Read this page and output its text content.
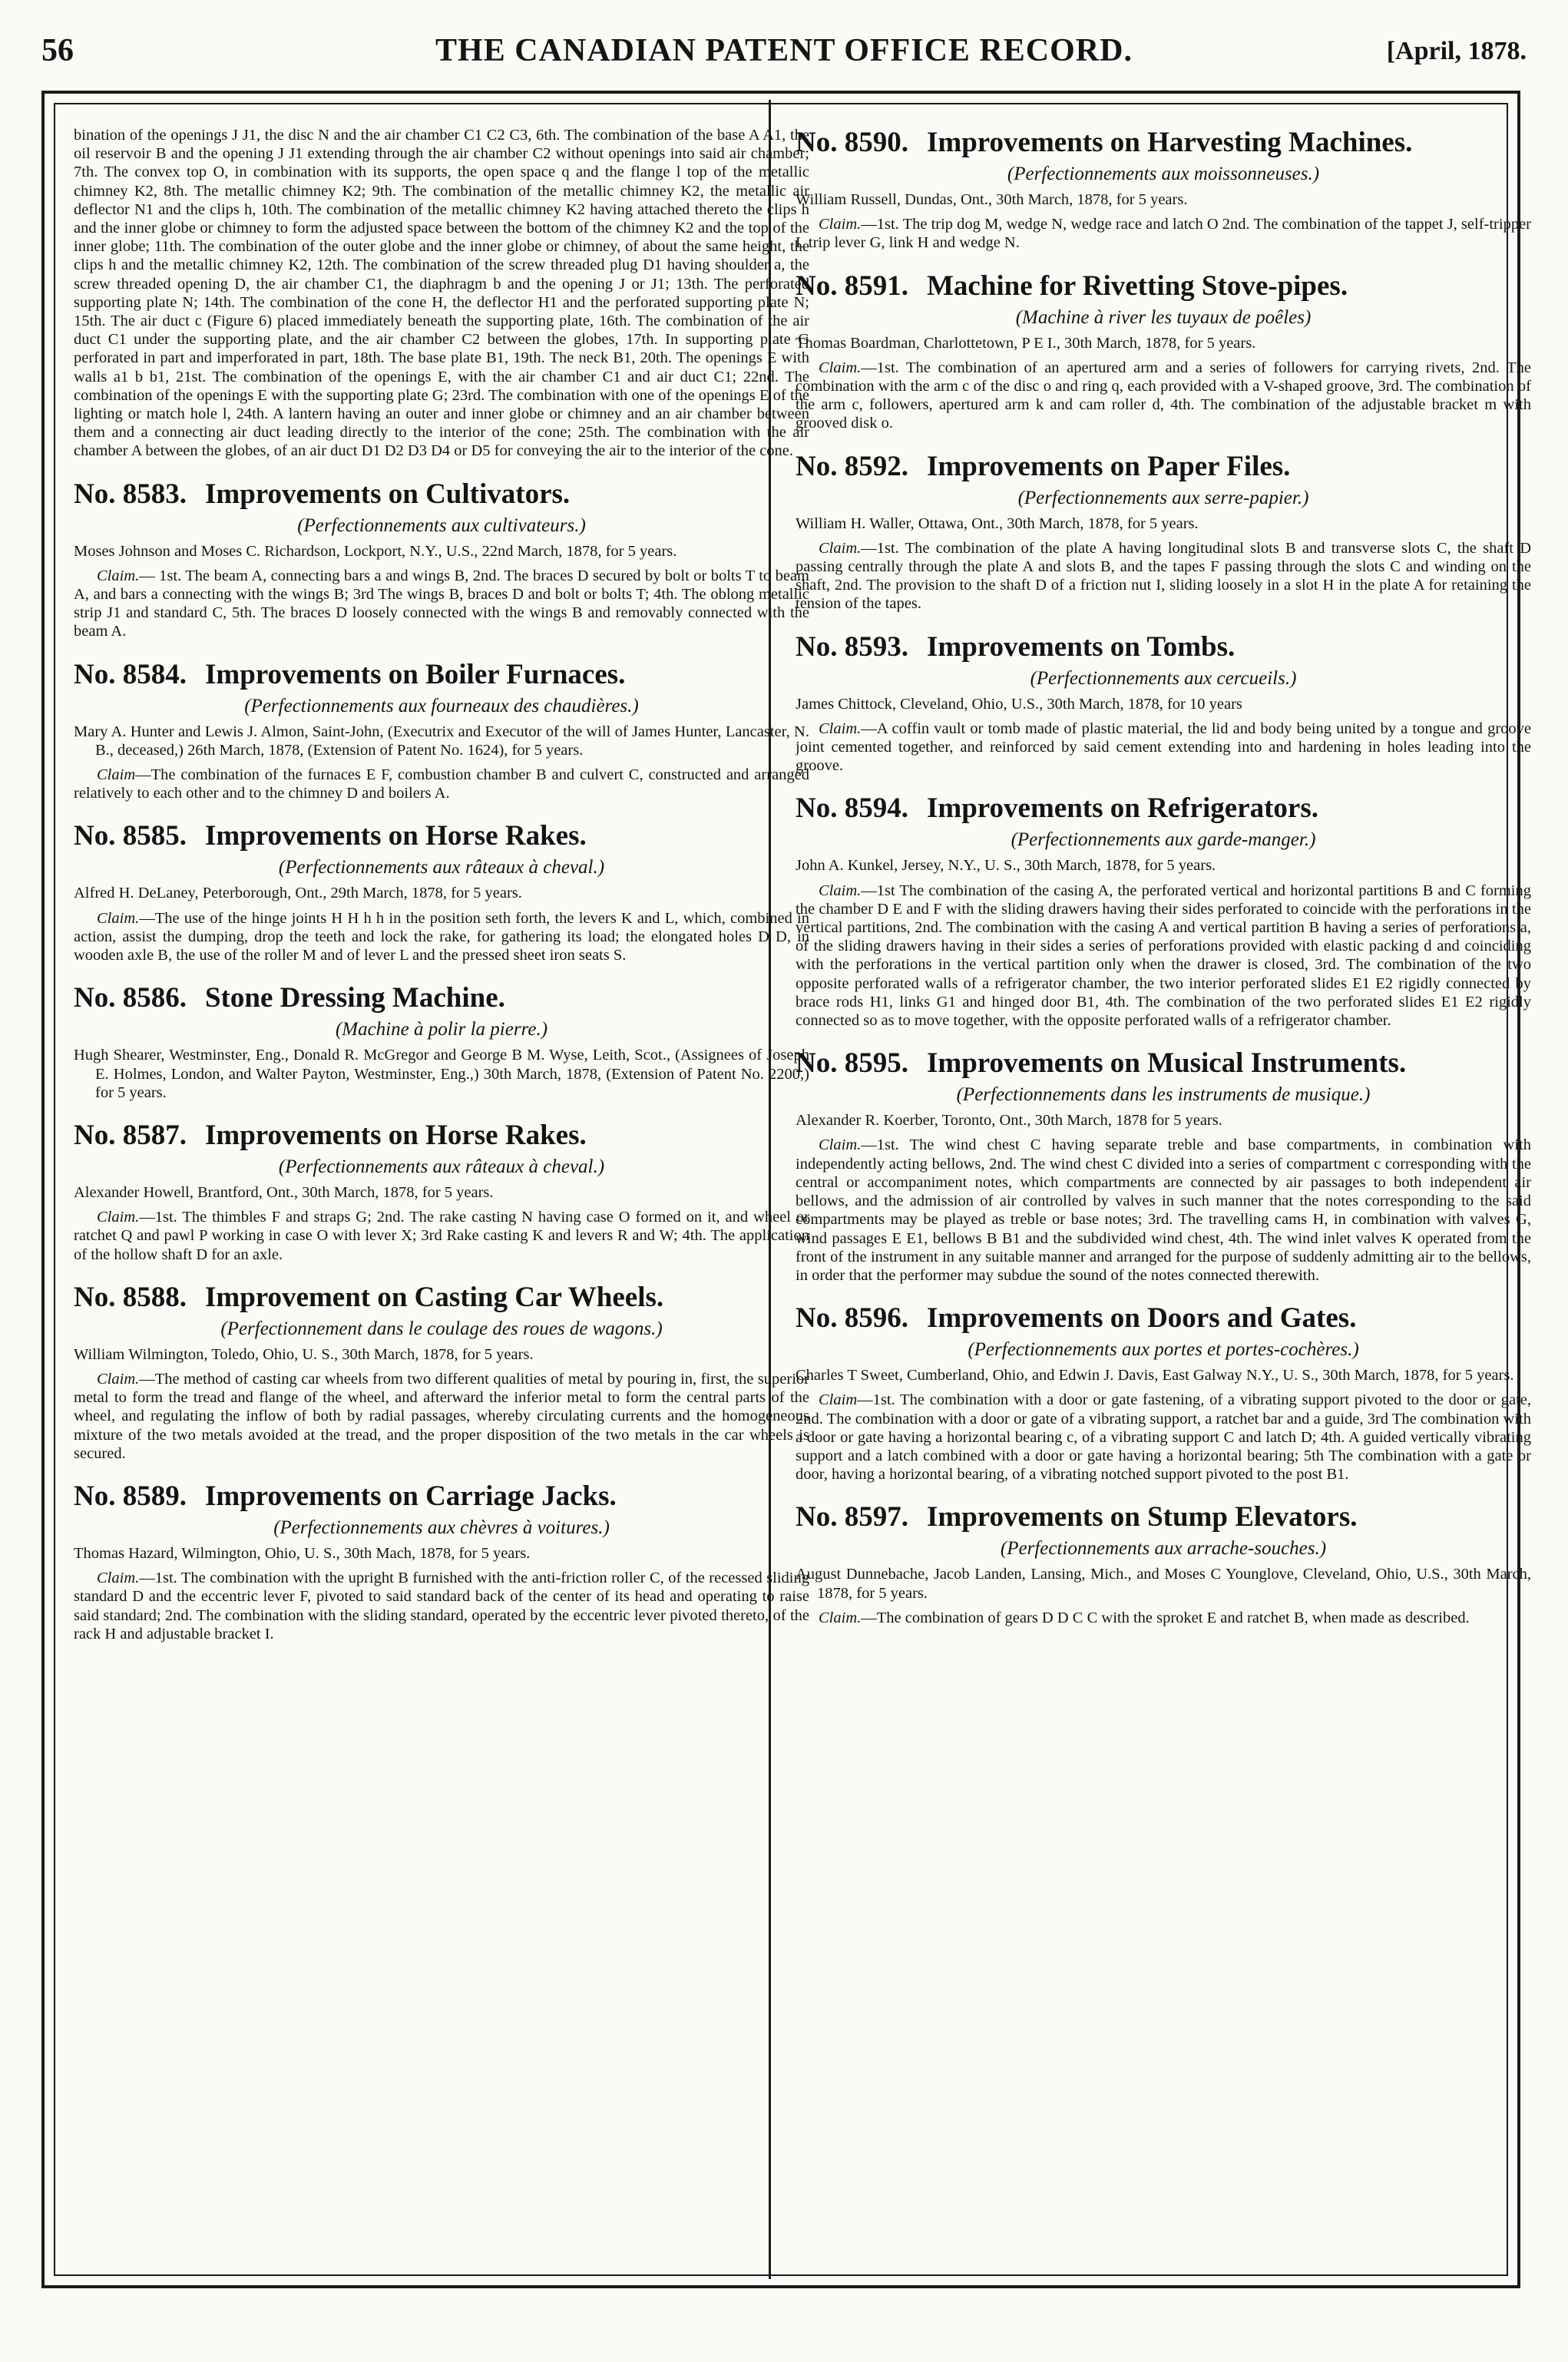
56	THE CANADIAN PATENT OFFICE RECORD.	[April, 1878.

bination of the openings J J1, the disc N and the air chamber C1 C2 C3, 6th. The combination of the base A A1, the oil reservoir B and the opening J J1 extending through the air chamber C2 without openings into said air chamber; 7th. The convex top O, in combination with its supports, the open space q and the flange l top of the metallic chimney K2, 8th. The metallic chimney K2; 9th. The combination of the metallic chimney K2, the metallic air deflector N1 and the clips h, 10th. The combination of the metallic chimney K2 having attached thereto the clips h and the inner globe or chimney to form the adjusted space between the bottom of the chimney K2 and the top of the inner globe; 11th. The combination of the outer globe and the inner globe or chimney, of about the same height, the clips h and the metallic chimney K2, 12th. The combination of the screw threaded plug D1 having shoulder a, the screw threaded opening D, the air chamber C1, the diaphragm b and the opening J or J1; 13th. The perforated supporting plate N; 14th. The combination of the cone H, the deflector H1 and the perforated supporting plate N; 15th. The air duct c (Figure 6) placed immediately beneath the supporting plate, 16th. The combination of the air duct C1 under the supporting plate, and the air chamber C2 between the globes, 17th. In supporting plate G perforated in part and imperforated in part, 18th. The base plate B1, 19th. The neck B1, 20th. The openings E with walls a1 b b1, 21st. The combination of the openings E, with the air chamber C1 and air duct C1; 22nd. The combination of the openings E with the supporting plate G; 23rd. The combination with one of the openings E of the lighting or match hole l, 24th. A lantern having an outer and inner globe or chimney and an air chamber between them and a connecting air duct leading directly to the interior of the cone; 25th. The combination with the air chamber A between the globes, of an air duct D1 D2 D3 D4 or D5 for conveying the air to the interior of the cone.

No. 8583. Improvements on Cultivators.
(Perfectionnements aux cultivateurs.)
Moses Johnson and Moses C. Richardson, Lockport, N.Y., U.S., 22nd March, 1878, for 5 years.
Claim.— 1st. The beam A, connecting bars a and wings B, 2nd. The braces D secured by bolt or bolts T to beam A, and bars a connecting with the wings B; 3rd The wings B, braces D and bolt or bolts T; 4th. The oblong metallic strip J1 and standard C, 5th. The braces D loosely connected with the wings B and removably connected with the beam A.
No. 8584. Improvements on Boiler Furnaces.
(Perfectionnements aux fourneaux des chaudières.)
Mary A. Hunter and Lewis J. Almon, Saint-John, (Executrix and Executor of the will of James Hunter, Lancaster, N. B., deceased,) 26th March, 1878, (Extension of Patent No. 1624), for 5 years.
Claim—The combination of the furnaces E F, combustion chamber B and culvert C, constructed and arranged relatively to each other and to the chimney D and boilers A.
No. 8585. Improvements on Horse Rakes.
(Perfectionnements aux râteaux à cheval.)
Alfred H. DeLaney, Peterborough, Ont., 29th March, 1878, for 5 years.
Claim.—The use of the hinge joints H H h h in the position seth forth, the levers K and L, which, combined in action, assist the dumping, drop the teeth and lock the rake, for gathering its load; the elongated holes D D, in wooden axle B, the use of the roller M and of lever L and the pressed sheet iron seats S.
No. 8586. Stone Dressing Machine.
(Machine à polir la pierre.)
Hugh Shearer, Westminster, Eng., Donald R. McGregor and George B M. Wyse, Leith, Scot., (Assignees of Joseph E. Holmes, London, and Walter Payton, Westminster, Eng.,) 30th March, 1878, (Extension of Patent No. 2200,) for 5 years.
No. 8587. Improvements on Horse Rakes.
(Perfectionnements aux râteaux à cheval.)
Alexander Howell, Brantford, Ont., 30th March, 1878, for 5 years.
Claim.—1st. The thimbles F and straps G; 2nd. The rake casting N having case O formed on it, and wheel or ratchet Q and pawl P working in case O with lever X; 3rd Rake casting K and levers R and W; 4th. The application of the hollow shaft D for an axle.
No. 8588. Improvement on Casting Car Wheels.
(Perfectionnement dans le coulage des roues de wagons.)
William Wilmington, Toledo, Ohio, U. S., 30th March, 1878, for 5 years.
Claim.—The method of casting car wheels from two different qualities of metal by pouring in, first, the superior metal to form the tread and flange of the wheel, and afterward the inferior metal to form the central parts of the wheel, and regulating the inflow of both by radial passages, whereby circulating currents and the homogeneous mixture of the two metals avoided at the tread, and the proper disposition of the two metals in the car wheels is secured.
No. 8589. Improvements on Carriage Jacks.
(Perfectionnements aux chèvres à voitures.)
Thomas Hazard, Wilmington, Ohio, U. S., 30th Mach, 1878, for 5 years.
Claim.—1st. The combination with the upright B furnished with the anti-friction roller C, of the recessed sliding standard D and the eccentric lever F, pivoted to said standard back of the center of its head and operating to raise said standard; 2nd. The combination with the sliding standard, operated by the eccentric lever pivoted thereto, of the rack H and adjustable bracket I.
No. 8590. Improvements on Harvesting Machines.
(Perfectionnements aux moissonneuses.)
William Russell, Dundas, Ont., 30th March, 1878, for 5 years.
Claim.—1st. The trip dog M, wedge N, wedge race and latch O 2nd. The combination of the tappet J, self-tripper L trip lever G, link H and wedge N.
No. 8591. Machine for Rivetting Stove-pipes.
(Machine à river les tuyaux de poêles)
Thomas Boardman, Charlottetown, P E I., 30th March, 1878, for 5 years.
Claim.—1st. The combination of an apertured arm and a series of followers for carrying rivets, 2nd. The combination with the arm c of the disc o and ring q, each provided with a V-shaped groove, 3rd. The combination of the arm c, followers, apertured arm k and cam roller d, 4th. The combination of the adjustable bracket m with grooved disk o.
No. 8592. Improvements on Paper Files.
(Perfectionnements aux serre-papier.)
William H. Waller, Ottawa, Ont., 30th March, 1878, for 5 years.
Claim.—1st. The combination of the plate A having longitudinal slots B and transverse slots C, the shaft D passing centrally through the plate A and slots B, and the tapes F passing through the slots C and winding on the shaft, 2nd. The provision to the shaft D of a friction nut I, sliding loosely in a slot H in the plate A for retaining the tension of the tapes.
No. 8593. Improvements on Tombs.
(Perfectionnements aux cercueils.)
James Chittock, Cleveland, Ohio, U.S., 30th March, 1878, for 10 years
Claim.—A coffin vault or tomb made of plastic material, the lid and body being united by a tongue and groove joint cemented together, and reinforced by said cement extending into and hardening in holes leading into the groove.
No. 8594. Improvements on Refrigerators.
(Perfectionnements aux garde-manger.)
John A. Kunkel, Jersey, N.Y., U. S., 30th March, 1878, for 5 years.
Claim.—1st The combination of the casing A, the perforated vertical and horizontal partitions B and C forming the chamber D E and F with the sliding drawers having their sides perforated to coincide with the perforations in the vertical partitions, 2nd. The combination with the casing A and vertical partition B having a series of perforations a, of the sliding drawers having in their sides a series of perforations provided with elastic packing d and coinciding with the perforations in the vertical partition only when the drawer is closed, 3rd. The combination of the two opposite perforated walls of a refrigerator chamber, the two interior perforated slides E1 E2 rigidly connected by brace rods H1, links G1 and hinged door B1, 4th. The combination of the two perforated slides E1 E2 rigidly connected so as to move together, with the opposite perforated walls of a refrigerator chamber.
No. 8595. Improvements on Musical Instruments.
(Perfectionnements dans les instruments de musique.)
Alexander R. Koerber, Toronto, Ont., 30th March, 1878 for 5 years.
Claim.—1st. The wind chest C having separate treble and base compartments, in combination with independently acting bellows, 2nd. The wind chest C divided into a series of compartment c corresponding with the central or accompaniment notes, which compartments are connected by air passages to both independent air bellows, and the admission of air controlled by valves in such manner that the notes corresponding to the said compartments may be played as treble or base notes; 3rd. The travelling cams H, in combination with valves G, wind passages E E1, bellows B B1 and the subdivided wind chest, 4th. The wind inlet valves K operated from the front of the instrument in any suitable manner and arranged for the purpose of suddenly admitting air to the bellows, in order that the performer may subdue the sound of the notes connected therewith.
No. 8596. Improvements on Doors and Gates.
(Perfectionnements aux portes et portes-cochères.)
Charles T Sweet, Cumberland, Ohio, and Edwin J. Davis, East Galway N.Y., U. S., 30th March, 1878, for 5 years.
Claim—1st. The combination with a door or gate fastening, of a vibrating support pivoted to the door or gate, 2nd. The combination with a door or gate of a vibrating support, a ratchet bar and a guide, 3rd The combination with a door or gate having a horizontal bearing c, of a vibrating support C and latch D; 4th. A guided vertically vibrating support and a latch combined with a door or gate having a horizontal bearing; 5th The combination with a gate or door, having a horizontal bearing, of a vibrating notched support pivoted to the post B1.
No. 8597. Improvements on Stump Elevators.
(Perfectionnements aux arrache-souches.)
August Dunnebache, Jacob Landen, Lansing, Mich., and Moses C Younglove, Cleveland, Ohio, U.S., 30th March, 1878, for 5 years.
Claim.—The combination of gears D D C C with the sproket E and ratchet B, when made as described.
